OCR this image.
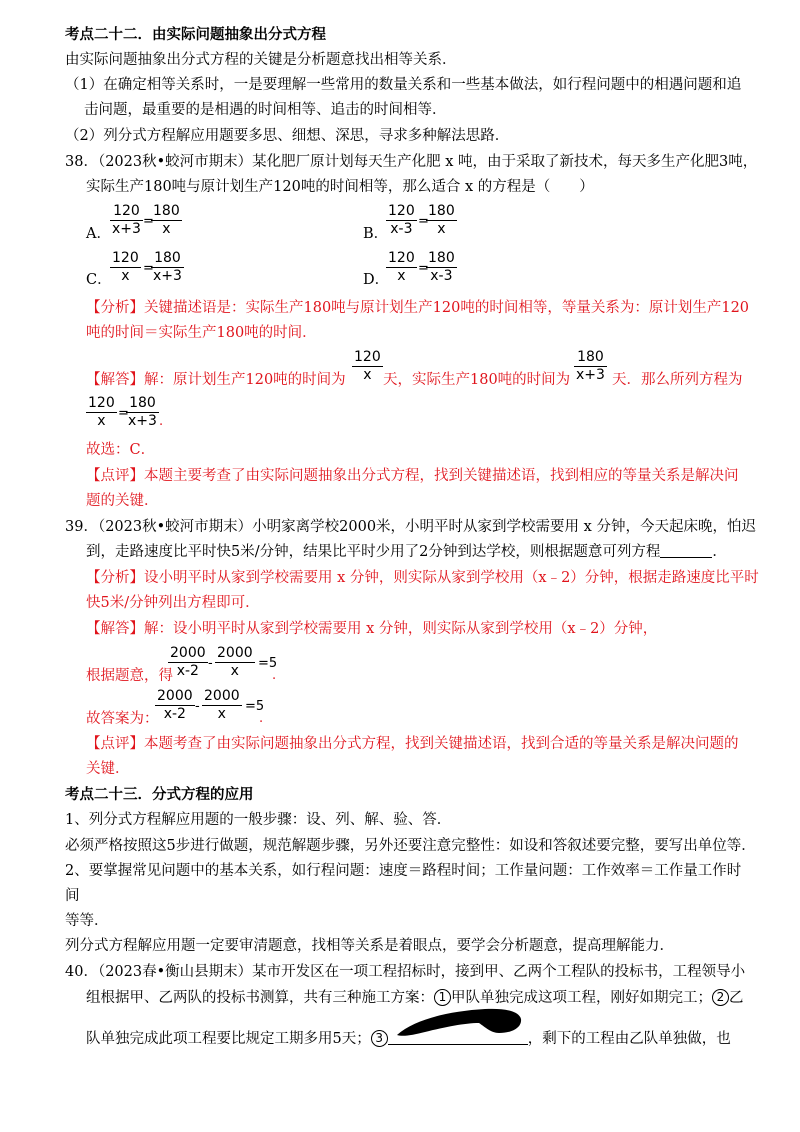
考点二十二．由实际问题抽象出分式方程
由实际问题抽象出分式方程的关键是分析题意找出相等关系．
（1）在确定相等关系时，一是要理解一些常用的数量关系和一些基本做法，如行程问题中的相遇问题和追
击问题，最重要的是相遇的时间相等、追击的时间相等．
（2）列分式方程解应用题要多思、细想、深思，寻求多种解法思路．
38．（2023秋•蛟河市期末）某化肥厂原计划每天生产化肥 x 吨，由于采取了新技术，每天多生产化肥3吨，
实际生产180吨与原计划生产120吨的时间相等，那么适合 x 的方程是（　　）
A． $\frac{120}{x+3}$ =
$\frac{180}{x}$	B．
$\frac{120}{x-3}$ =
$\frac{180}{x}$
C．
$\frac{120}{x}$ =
$\frac{180}{x+3}$	D．
$\frac{120}{x}$ =
$\frac{180}{x-3}$
【分析】关键描述语是：实际生产180吨与原计划生产120吨的时间相等，等量关系为：原计划生产120
吨的时间＝实际生产180吨的时间．
【解答】解：原计划生产120吨的时间为 $\frac{120}{x}$ 天，实际生产180吨的时间为 $\frac{180}{x+3}$ 天．那么所列方程为
$\frac{120}{x}$ =
$\frac{180}{x+3}$ .
故选：C．
【点评】本题主要考查了由实际问题抽象出分式方程，找到关键描述语，找到相应的等量关系是解决问
题的关键．
39．（2023秋•蛟河市期末）小明家离学校2000米，小明平时从家到学校需要用 x 分钟，今天起床晚，怕迟
到，走路速度比平时快5米/分钟，结果比平时少用了2分钟到达学校，则根据题意可列方程	．
【分析】设小明平时从家到学校需要用 x 分钟，则实际从家到学校用（x﹣2）分钟，根据走路速度比平时
快5米/分钟列出方程即可．
【解答】解：设小明平时从家到学校需要用 x 分钟，则实际从家到学校用（x﹣2）分钟，
根据题意，得
$\frac{2000}{x-2} - \frac{2000}{x} =5$
.
故答案为：
$\frac{2000}{x-2} - \frac{2000}{x} =5$
.
【点评】本题考查了由实际问题抽象出分式方程，找到关键描述语，找到合适的等量关系是解决问题的
关键．
考点二十三．分式方程的应用
1、列分式方程解应用题的一般步骤：设、列、解、验、答．
必须严格按照这5步进行做题，规范解题步骤，另外还要注意完整性：如设和答叙述要完整，要写出单位等．
2、要掌握常见问题中的基本关系，如行程问题：速度＝路程时间；工作量问题：工作效率＝工作量工作时
间
等等．
列分式方程解应用题一定要审清题意，找相等关系是着眼点，要学会分析题意，提高理解能力．
40．（2023春•衡山县期末）某市开发区在一项工程招标时，接到甲、乙两个工程队的投标书，工程领导小
组根据甲、乙两队的投标书测算，共有三种施工方案： 1 甲队单独完成这项工程，刚好如期完工； 2 乙
队单独完成此项工程要比规定工期多用5天； 3	，剩下的工程由乙队单独做，也
